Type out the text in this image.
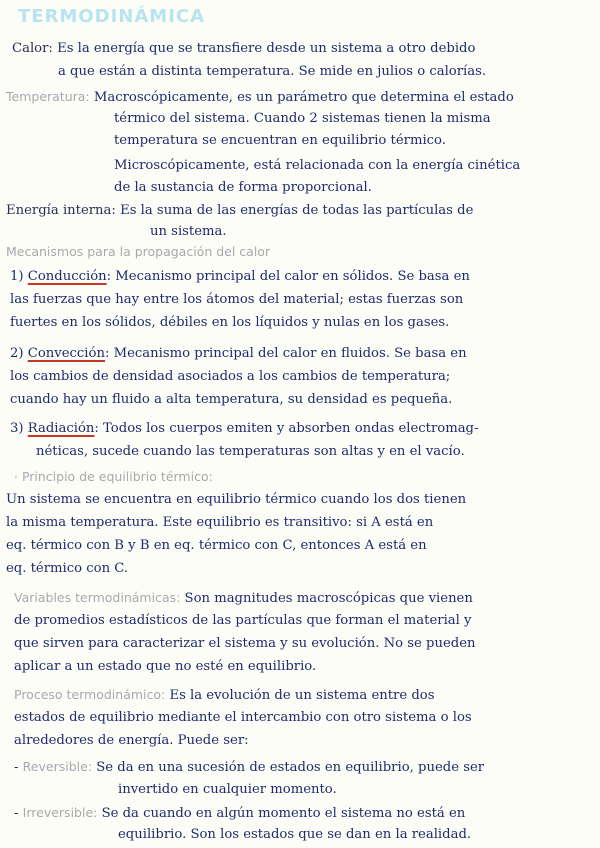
TERMODINÁMICA
Calor: Es la energía que se transfiere desde un sistema a otro debido
a que están a distinta temperatura. Se mide en julios o calorías.
Temperatura: Macroscópicamente, es un parámetro que determina el estado
térmico del sistema. Cuando 2 sistemas tienen la misma
temperatura se encuentran en equilibrio térmico.
Microscópicamente, está relacionada con la energía cinética
de la sustancia de forma proporcional.
Energía interna: Es la suma de las energías de todas las partículas de
un sistema.
Mecanismos para la propagación del calor
1) Conducción: Mecanismo principal del calor en sólidos. Se basa en
las fuerzas que hay entre los átomos del material; estas fuerzas son
fuertes en los sólidos, débiles en los líquidos y nulas en los gases.
2) Convección: Mecanismo principal del calor en fluidos. Se basa en
los cambios de densidad asociados a los cambios de temperatura;
cuando hay un fluido a alta temperatura, su densidad es pequeña.
3) Radiación: Todos los cuerpos emiten y absorben ondas electromag-
néticas, sucede cuando las temperaturas son altas y en el vacío.
· Principio de equilibrio térmico:
Un sistema se encuentra en equilibrio térmico cuando los dos tienen
la misma temperatura. Este equilibrio es transitivo: si A está en
eq. térmico con B y B en eq. térmico con C, entonces A está en
eq. térmico con C.
Variables termodinámicas: Son magnitudes macroscópicas que vienen
de promedios estadísticos de las partículas que forman el material y
que sirven para caracterizar el sistema y su evolución. No se pueden
aplicar a un estado que no esté en equilibrio.
Proceso termodinámico: Es la evolución de un sistema entre dos
estados de equilibrio mediante el intercambio con otro sistema o los
alrededores de energía. Puede ser:
- Reversible: Se da en una sucesión de estados en equilibrio, puede ser
invertido en cualquier momento.
- Irreversible: Se da cuando en algún momento el sistema no está en
equilibrio. Son los estados que se dan en la realidad.
